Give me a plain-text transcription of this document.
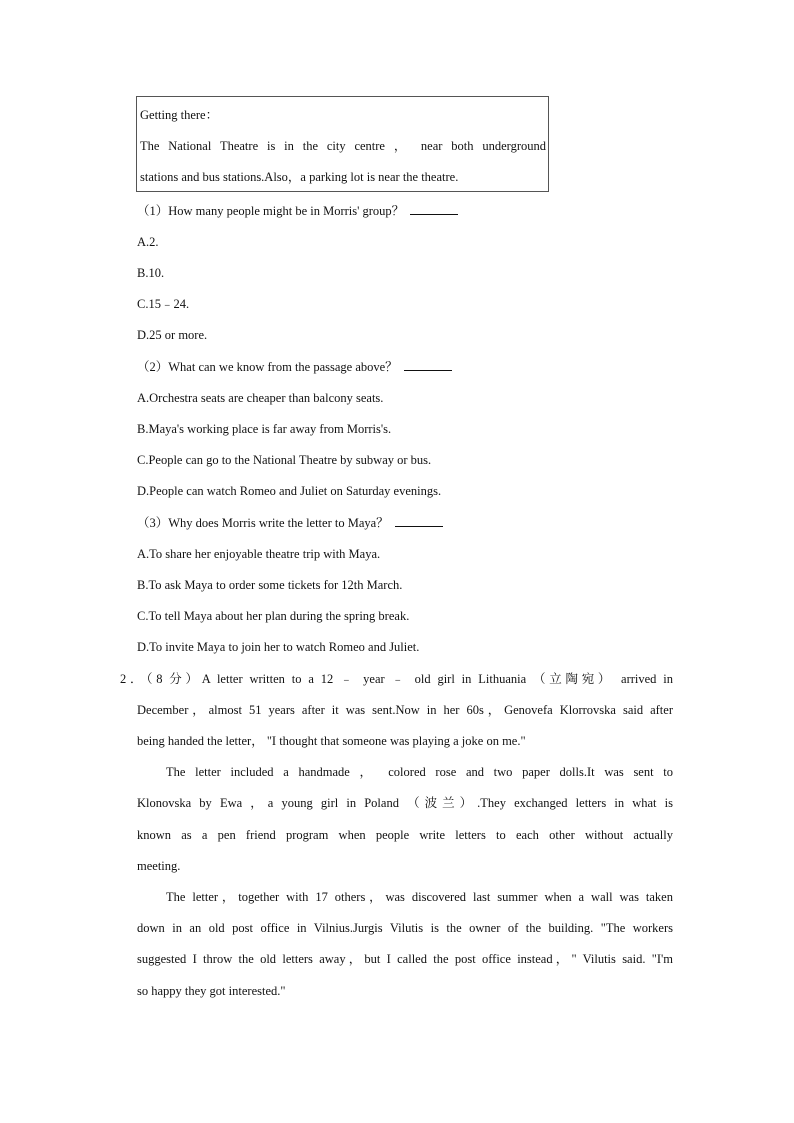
Getting there：
The National Theatre is in the city centre ， near both underground
stations and bus stations.Also，a parking lot is near the theatre.
（1）How many people might be in Morris' group？
A.2.
B.10.
C.15﹣24.
D.25 or more.
（2）What can we know from the passage above？
A.Orchestra seats are cheaper than balcony seats.
B.Maya's working place is far away from Morris's.
C.People can go to the National Theatre by subway or bus.
D.People can watch Romeo and Juliet on Saturday evenings.
（3）Why does Morris write the letter to Maya？
A.To share her enjoyable theatre trip with Maya.
B.To ask Maya to order some tickets for 12th March.
C.To tell Maya about her plan during the spring break.
D.To invite Maya to join her to watch Romeo and Juliet.
2．（8 分）A letter written to a 12 ﹣ year ﹣ old girl in Lithuania （立陶宛） arrived in
December，almost 51 years after it was sent.Now in her 60s，Genovefa Klorrovska said after
being handed the letter， "I thought that someone was playing a joke on me."
The letter included a handmade ， colored rose and two paper dolls.It was sent to
Klonovska by Ewa ，a young girl in Poland （波兰）.They exchanged letters in what is
known as a pen friend program when people write letters to each other without actually
meeting.
The letter，together with 17 others，was discovered last summer when a wall was taken
down in an old post office in Vilnius.Jurgis Vilutis is the owner of the building. "The workers
suggested I throw the old letters away，but I called the post office instead，" Vilutis said. "I'm
so happy they got interested."
